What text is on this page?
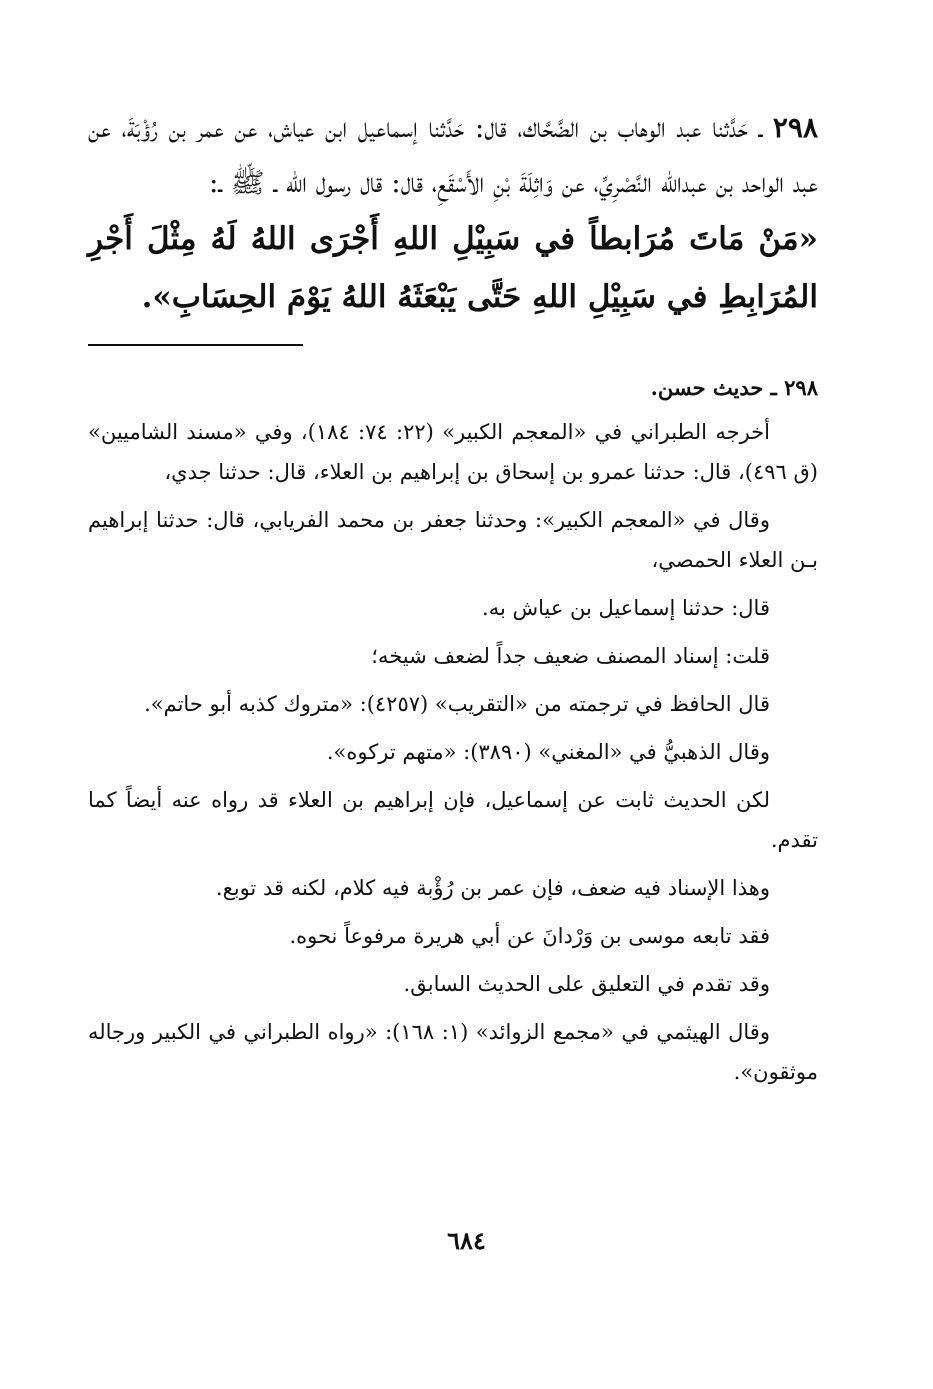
٢٩٨ ـ حَدَّثنا عبد الوهاب بن الضَّحَّاك، قال: حَدَّثنا إسماعيل ابن عياش، عن عمر بن رُؤْبَةَ، عن عبد الواحد بن عبدالله النَّصْرِيِّ، عن وَاثِلَةَ بْنِ الأَسْقَعِ، قال: قال رسول الله ـ ﷺ ـ:

«مَنْ مَاتَ مُرَابطاً في سَبِيْلِ اللهِ أَجْرَى اللهُ لَهُ مِثْلَ أَجْرِ المُرَابِطِ في سَبِيْلِ اللهِ حَتَّى يَبْعَثَهُ اللهُ يَوْمَ الحِسَابِ».

٢٩٨ ـ حديث حسن.

أخرجه الطبراني في «المعجم الكبير» (٢٢: ٧٤: ١٨٤)، وفي «مسند الشاميين» (ق ٤٩٦)، قال: حدثنا عمرو بن إسحاق بن إبراهيم بن العلاء، قال: حدثنا جدي،

وقال في «المعجم الكبير»: وحدثنا جعفر بن محمد الفريابي، قال: حدثنا إبراهيم بـن العلاء الحمصي،

قال: حدثنا إسماعيل بن عياش به.

قلت: إسناد المصنف ضعيف جداً لضعف شيخه؛

قال الحافظ في ترجمته من «التقريب» (٤٢٥٧): «متروك كذبه أبو حاتم».

وقال الذهبيُّ في «المغني» (٣٨٩٠): «متهم تركوه».

لكن الحديث ثابت عن إسماعيل، فإن إبراهيم بن العلاء قد رواه عنه أيضاً كما تقدم.

وهذا الإسناد فيه ضعف، فإن عمر بن رُؤْبة فيه كلام، لكنه قد توبع.

فقد تابعه موسى بن وَرْدانَ عن أبي هريرة مرفوعاً نحوه.

وقد تقدم في التعليق على الحديث السابق.

وقال الهيثمي في «مجمع الزوائد» (١: ١٦٨): «رواه الطبراني في الكبير ورجاله موثقون».

٦٨٤
